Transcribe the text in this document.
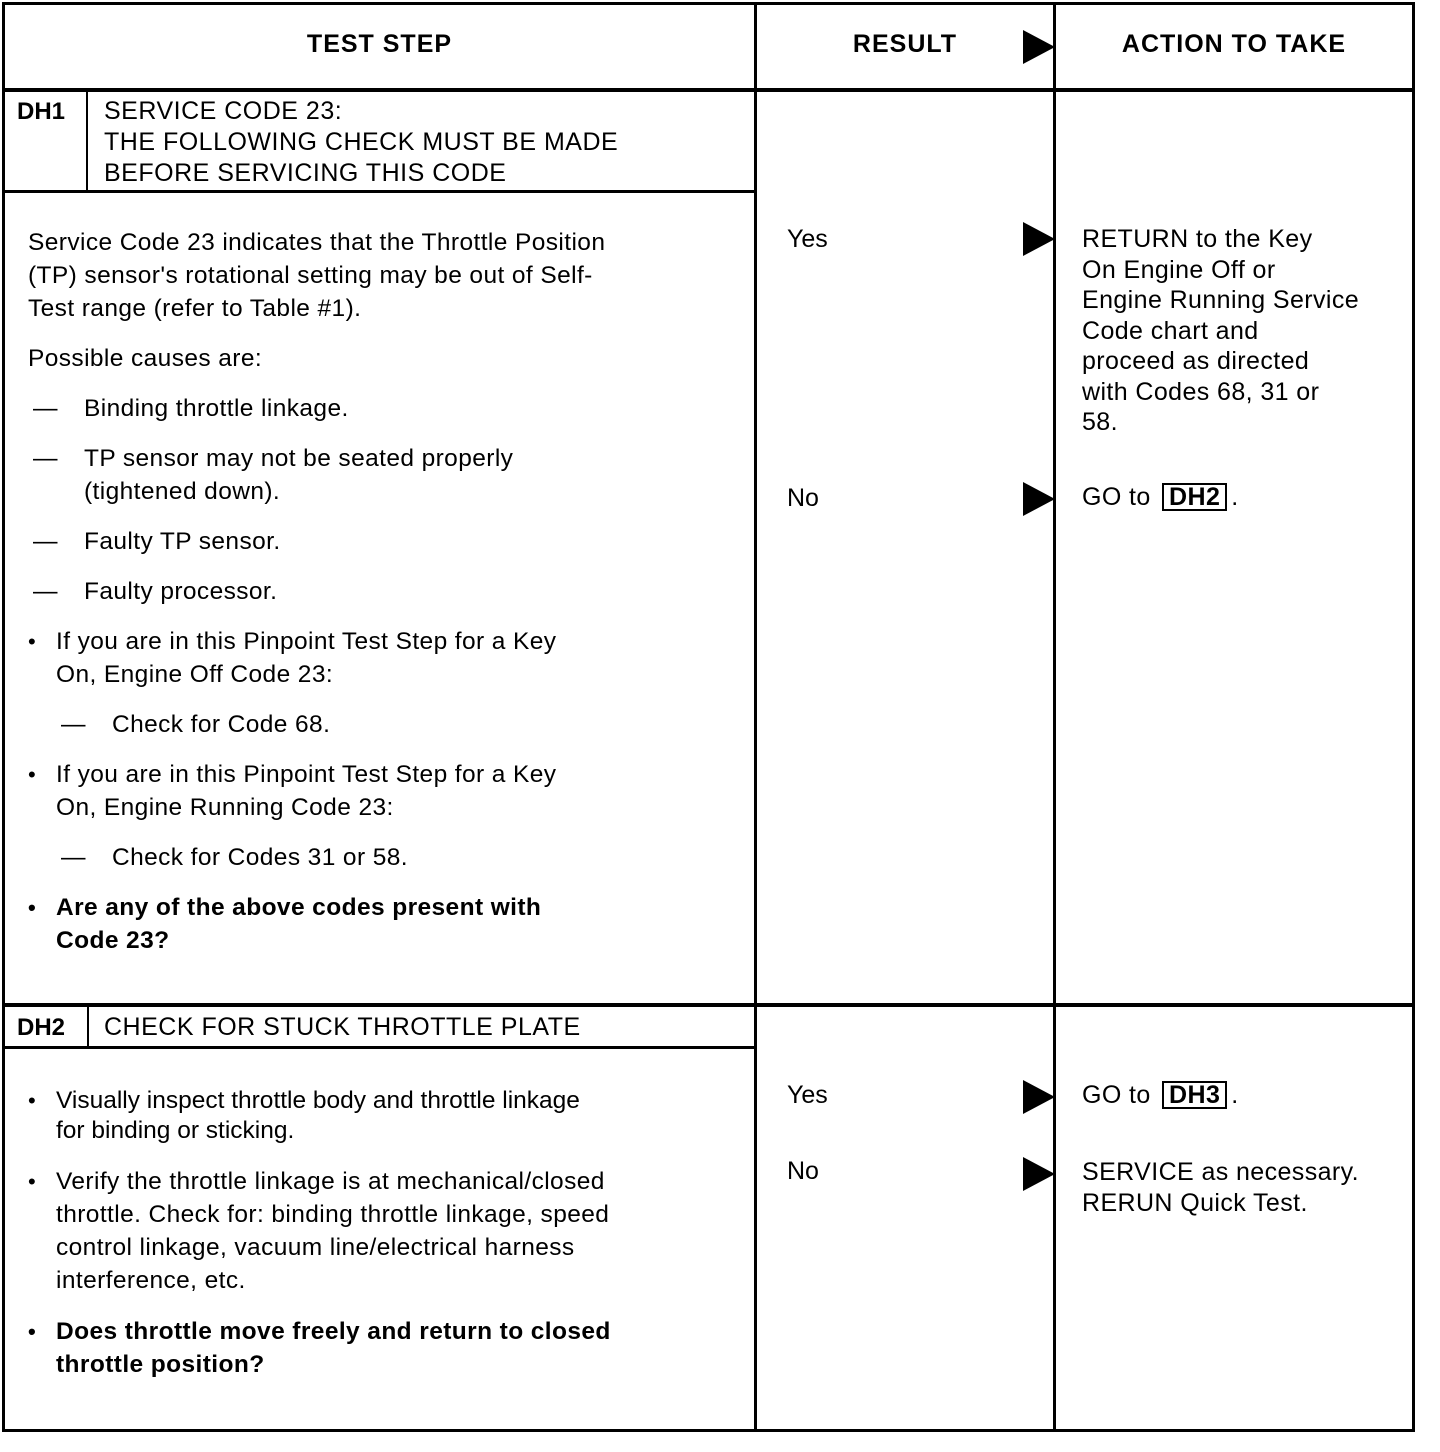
TEST STEP	RESULT	ACTION TO TAKE
DH1 SERVICE CODE 23:
THE FOLLOWING CHECK MUST BE MADE
BEFORE SERVICING THIS CODE
Service Code 23 indicates that the Throttle Position
(TP) sensor's rotational setting may be out of Self-
Test range (refer to Table #1).
Possible causes are:
— Binding throttle linkage.
— TP sensor may not be seated properly
(tightened down).
— Faulty TP sensor.
— Faulty processor.
• If you are in this Pinpoint Test Step for a Key
On, Engine Off Code 23:
— Check for Code 68.
• If you are in this Pinpoint Test Step for a Key
On, Engine Running Code 23:
— Check for Codes 31 or 58.
• Are any of the above codes present with
Code 23?
Yes
No
RETURN to the Key
On Engine Off or
Engine Running Service
Code chart and
proceed as directed
with Codes 68, 31 or
58.
GO to DH2 .
DH2 CHECK FOR STUCK THROTTLE PLATE
• Visually inspect throttle body and throttle linkage
for binding or sticking.
• Verify the throttle linkage is at mechanical/closed
throttle. Check for: binding throttle linkage, speed
control linkage, vacuum line/electrical harness
interference, etc.
• Does throttle move freely and return to closed
throttle position?
Yes
No
GO to DH3 .
SERVICE as necessary.
RERUN Quick Test.
